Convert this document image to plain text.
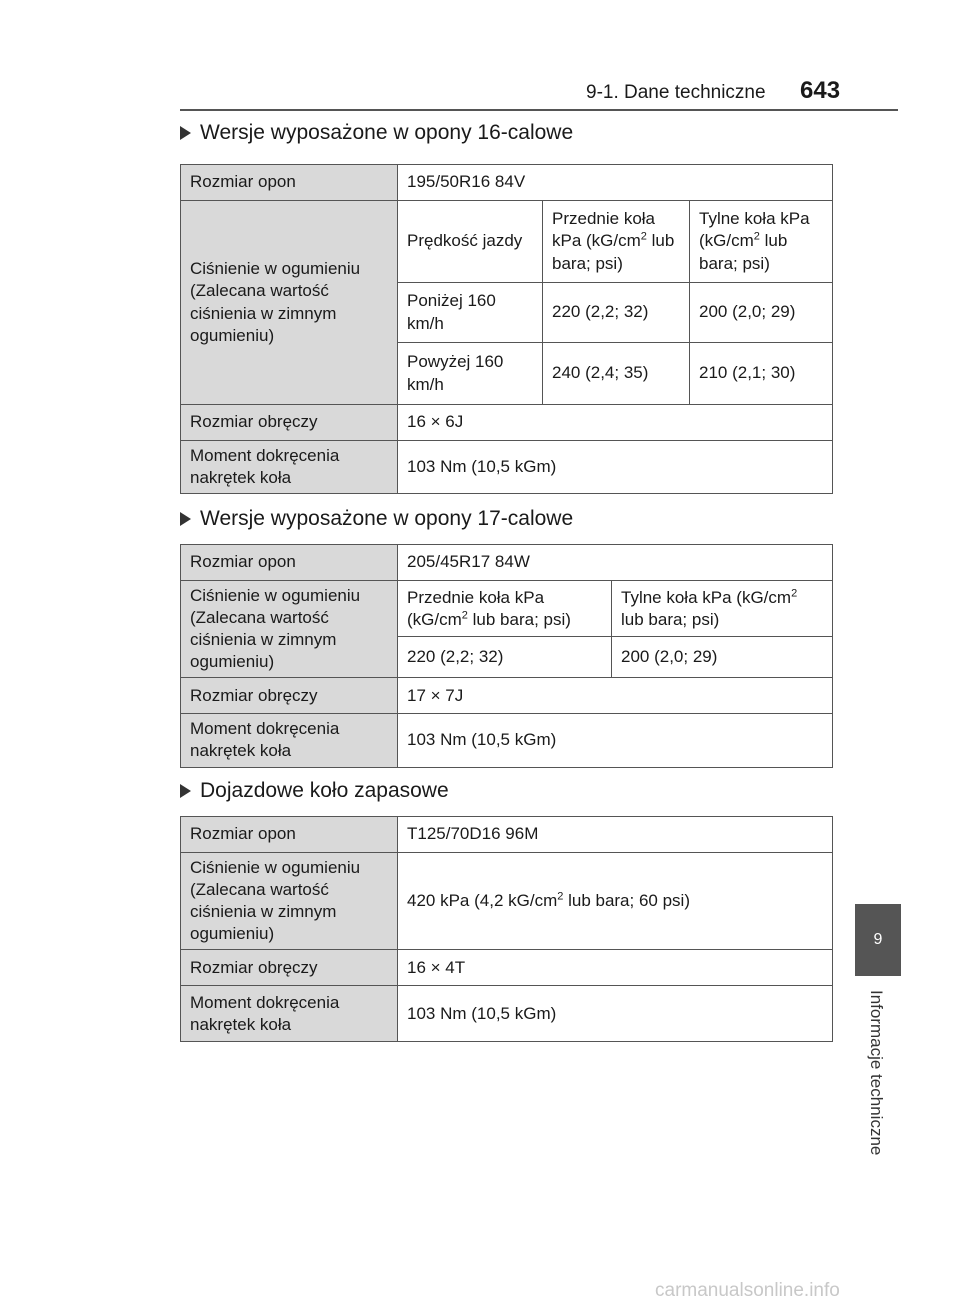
9-1. Dane techniczne 643
Wersje wyposażone w opony 16-calowe
Rozmiar opon	195/50R16 84V		
Ciśnienie w ogumieniu (Zalecana wartość ciśnienia w zimnym ogumieniu)	Prędkość jazdy	Przednie koła kPa ($kG/cm^2$ lub bara; psi)	Tylne koła kPa ($kG/cm^2$ lub bara; psi)
	Poniżej 160 km/h	220 (2,2; 32)	200 (2,0; 29)
	Powyżej 160 km/h	240 (2,4; 35)	210 (2,1; 30)
Rozmiar obręczy	16 × 6J		
Moment dokręcenia nakrętek koła	103 Nm (10,5 kGm)		
Wersje wyposażone w opony 17-calowe
Rozmiar opon	205/45R17 84W	
Ciśnienie w ogumieniu (Zalecana wartość ciśnienia w zimnym ogumieniu)	Przednie koła kPa ($kG/cm^2$ lub bara; psi)	Tylne koła kPa ($kG/cm^2$ lub bara; psi)
	220 (2,2; 32)	200 (2,0; 29)
Rozmiar obręczy	17 × 7J	
Moment dokręcenia nakrętek koła	103 Nm (10,5 kGm)	
Dojazdowe koło zapasowe
Rozmiar opon	T125/70D16 96M
Ciśnienie w ogumieniu (Zalecana wartość ciśnienia w zimnym ogumieniu)	420 kPa (4,2 $kG/cm^2$ lub bara; 60 psi)
Rozmiar obręczy	16 × 4T
Moment dokręcenia nakrętek koła	103 Nm (10,5 kGm)
9
Informacje techniczne
carmanualsonline.info
